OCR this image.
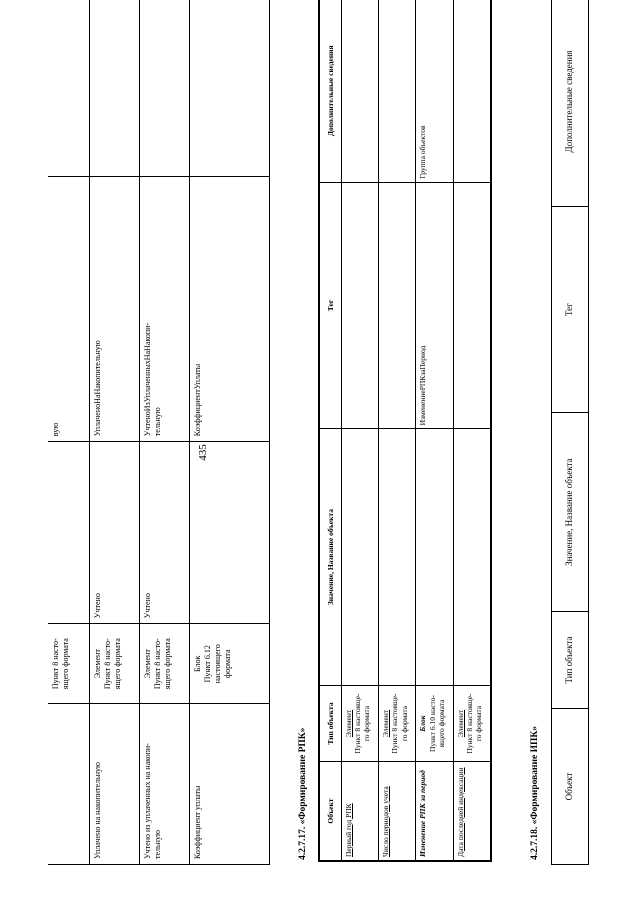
435
	Пункт 8 насто-
ящего формата		вую	
Уплачено на накопительную	Элемент
Пункт 8 насто-
ящего формата	Учтено	УплаченоНаНакопительную	
Учтено из уплаченных на накопи-
тельную	Элемент
Пункт 8 насто-
ящего формата	Учтено	УчтеноИзУплаченныхНаНакопи-
тельную	
Коэффициент уплаты	Блок
Пункт 6.12
настоящего
формата		КоэффициентУплаты	
4.2.7.17. «Формирование РПК» Объект	Тип объекта	Значение, Название объекта	Тег	Дополнительные сведения
Первый год РПК	Элемент
Пункт 8 настояще-
го формата			
Число периодов учета	Элемент
Пункт 8 настояще-
го формата			
Изменение РПК за период	Блок
Пункт 6.10 насто-
ящего формата		ИзменениеРПКзаПериод	Группа объектов
Дата последней индексации	Элемент
Пункт 8 настояще-
го формата			
4.2.7.18. «Формирование ИПК»	Объект	Тип объекта	Значение, Название объекта	Тег	Дополнительные сведения
